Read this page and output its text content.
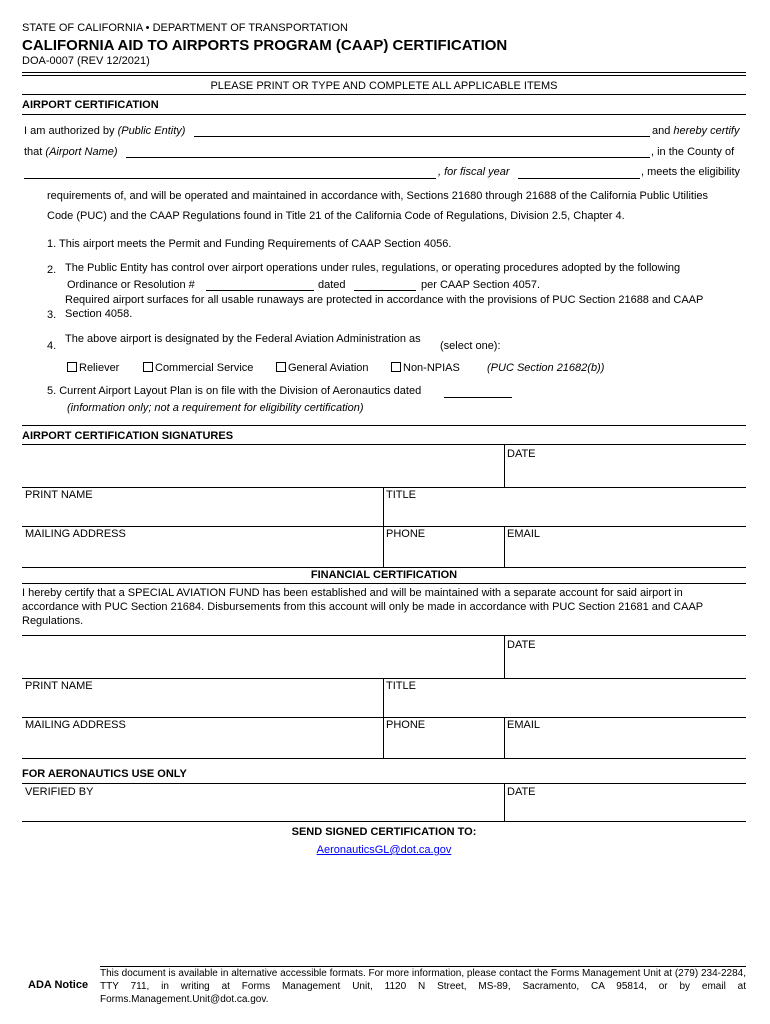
STATE OF CALIFORNIA • DEPARTMENT OF TRANSPORTATION
CALIFORNIA AID TO AIRPORTS PROGRAM (CAAP) CERTIFICATION
DOA-0007 (REV 12/2021)
PLEASE PRINT OR TYPE AND COMPLETE ALL APPLICABLE ITEMS
AIRPORT CERTIFICATION
I am authorized by (Public Entity)	and hereby certify
that (Airport Name)	, in the County of
, for fiscal year	, meets the eligibility
requirements of, and will be operated and maintained in accordance with, Sections 21680 through 21688 of the California Public Utilities
Code (PUC) and the CAAP Regulations found in Title 21 of the California Code of Regulations, Division 2.5, Chapter 4.
1. This airport meets the Permit and Funding Requirements of CAAP Section 4056.
2. The Public Entity has control over airport operations under rules, regulations, or operating procedures adopted by the following
Ordinance or Resolution #	dated	per CAAP Section 4057.
Required airport surfaces for all usable runaways are protected in accordance with the provisions of PUC Section 21688 and CAAP
3. Section 4058.
4.
The above airport is designated by the Federal Aviation Administration as
(select one):
Reliever	Commercial Service	General Aviation	Non-NPIAS (PUC Section 21682(b))
5. Current Airport Layout Plan is on file with the Division of Aeronautics dated
(information only; not a requirement for eligibility certification)
AIRPORT CERTIFICATION SIGNATURES
DATE
PRINT NAME	TITLE
MAILING ADDRESS	PHONE	EMAIL
FINANCIAL CERTIFICATION
I hereby certify that a SPECIAL AVIATION FUND has been established and will be maintained with a separate account for said airport in
accordance with PUC Section 21684. Disbursements from this account will only be made in accordance with PUC Section 21681 and CAAP
Regulations.
DATE
PRINT NAME	TITLE
MAILING ADDRESS	PHONE	EMAIL
FOR AERONAUTICS USE ONLY
VERIFIED BY	DATE
SEND SIGNED CERTIFICATION TO:
AeronauticsGL@dot.ca.gov
ADA Notice
This document is available in alternative accessible formats. For more information, please contact the Forms Management Unit at (279) 234-2284, TTY 711, in writing at Forms Management Unit, 1120 N Street, MS-89, Sacramento, CA 95814, or by email at Forms.Management.Unit@dot.ca.gov.
